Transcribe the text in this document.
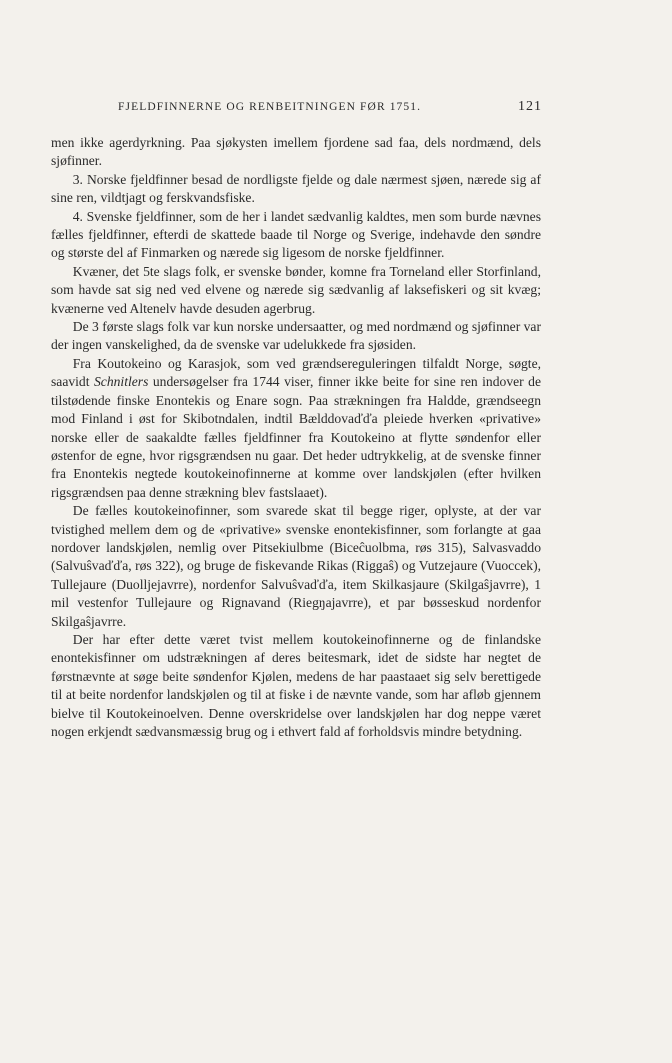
FJELDFINNERNE OG RENBEITNINGEN FØR 1751.	121

men ikke agerdyrkning. Paa sjøkysten imellem fjordene sad faa, dels nordmænd, dels sjøfinner.

3. Norske fjeldfinner besad de nordligste fjelde og dale nærmest sjøen, nærede sig af sine ren, vildtjagt og ferskvandsfiske.

4. Svenske fjeldfinner, som de her i landet sædvanlig kaldtes, men som burde nævnes fælles fjeldfinner, efterdi de skattede baade til Norge og Sverige, indehavde den søndre og største del af Finmarken og nærede sig ligesom de norske fjeldfinner.

Kvæner, det 5te slags folk, er svenske bønder, komne fra Torneland eller Storfinland, som havde sat sig ned ved elvene og nærede sig sædvanlig af laksefiskeri og sit kvæg; kvænerne ved Altenelv havde desuden agerbrug.

De 3 første slags folk var kun norske undersaatter, og med nordmænd og sjøfinner var der ingen vanskelighed, da de svenske var udelukkede fra sjøsiden.

Fra Koutokeino og Karasjok, som ved grændsereguleringen tilfaldt Norge, søgte, saavidt Schnitlers undersøgelser fra 1744 viser, finner ikke beite for sine ren indover de tilstødende finske Enontekis og Enare sogn. Paa strækningen fra Haldde, grændseegn mod Finland i øst for Skibotndalen, indtil Bælddovaďďa pleiede hverken «privative» norske eller de saakaldte fælles fjeldfinner fra Koutokeino at flytte søndenfor eller østenfor de egne, hvor rigsgrændsen nu gaar. Det heder udtrykkelig, at de svenske finner fra Enontekis negtede koutokeinofinnerne at komme over landskjølen (efter hvilken rigsgrændsen paa denne strækning blev fastslaaet).

De fælles koutokeinofinner, som svarede skat til begge riger, oplyste, at der var tvistighed mellem dem og de «privative» svenske enontekisfinner, som forlangte at gaa nordover landskjølen, nemlig over Pitsekiulbme (Biceĉuolbma, røs 315), Salvasvaddo (Salvuŝvaďďa, røs 322), og bruge de fiskevande Rikas (Riggaŝ) og Vutzejaure (Vuoccek), Tullejaure (Duolljejavrre), nordenfor Salvuŝvaďďa, item Skilkasjaure (Skilgaŝjavrre), 1 mil vestenfor Tullejaure og Rignavand (Riegŋajavrre), et par bøsseskud nordenfor Skilgaŝjavrre.

Der har efter dette været tvist mellem koutokeinofinnerne og de finlandske enontekisfinner om udstrækningen af deres beitesmark, idet de sidste har negtet de førstnævnte at søge beite søndenfor Kjølen, medens de har paastaaet sig selv berettigede til at beite nordenfor landskjølen og til at fiske i de nævnte vande, som har afløb gjennem bielve til Koutokeinoelven. Denne overskridelse over landskjølen har dog neppe været nogen erkjendt sædvansmæssig brug og i ethvert fald af forholdsvis mindre betydning.
